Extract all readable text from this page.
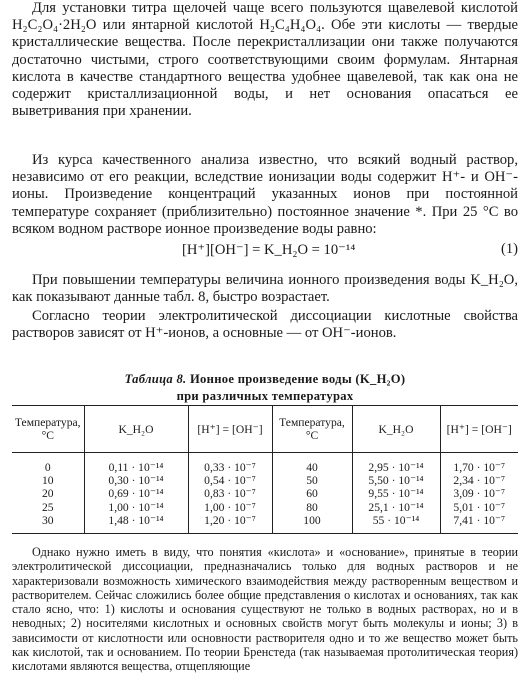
Для установки титра щелочей чаще всего пользуются щавелевой кислотой H₂C₂O₄·2H₂O или янтарной кислотой H₂C₄H₄O₄. Обе эти кислоты — твердые кристаллические вещества. После перекристаллизации они также получаются достаточно чистыми, строго соответствующими своим формулам. Янтарная кислота в качестве стандартного вещества удобнее щавелевой, так как она не содержит кристаллизационной воды, и нет основания опасаться ее выветривания при хранении.

Из курса качественного анализа известно, что всякий водный раствор, независимо от его реакции, вследствие ионизации воды содержит H⁺- и OH⁻-ионы. Произведение концентраций указанных ионов при постоянной температуре сохраняет (приблизительно) постоянное значение *. При 25 °С во всяком водном растворе ионное произведение воды равно:

[H⁺][OH⁻] = K_H₂O = 10⁻¹⁴	(1)

При повышении температуры величина ионного произведения воды K_H₂O, как показывают данные табл. 8, быстро возрастает.

Согласно теории электролитической диссоциации кислотные свойства растворов зависят от H⁺-ионов, а основные — от OH⁻-ионов.

Таблица 8. Ионное произведение воды (K_H₂O)
при различных температурах
Температура, °С	K_H₂O	[H⁺] = [OH⁻]	Температура, °С	K_H₂O	[H⁺] = [OH⁻]
0	0,11 · 10⁻¹⁴	0,33 · 10⁻⁷	40	2,95 · 10⁻¹⁴	1,70 · 10⁻⁷
10	0,30 · 10⁻¹⁴	0,54 · 10⁻⁷	50	5,50 · 10⁻¹⁴	2,34 · 10⁻⁷
20	0,69 · 10⁻¹⁴	0,83 · 10⁻⁷	60	9,55 · 10⁻¹⁴	3,09 · 10⁻⁷
25	1,00 · 10⁻¹⁴	1,00 · 10⁻⁷	80	25,1 · 10⁻¹⁴	5,01 · 10⁻⁷
30	1,48 · 10⁻¹⁴	1,20 · 10⁻⁷	100	55 · 10⁻¹⁴	7,41 · 10⁻⁷

Однако нужно иметь в виду, что понятия «кислота» и «основание», принятые в теории электролитической диссоциации, предназначались только для водных растворов и не характеризовали возможность химического взаимодействия между растворенным веществом и растворителем. Сейчас сложились более общие представления о кислотах и основаниях, так как стало ясно, что: 1) кислоты и основания существуют не только в водных растворах, но и в неводных; 2) носителями кислотных и основных свойств могут быть молекулы и ионы; 3) в зависимости от кислотности или основности растворителя одно и то же вещество может быть как кислотой, так и основанием. По теории Бренстеда (так называемая протолитическая теория) кислотами являются вещества, отщепляющие
